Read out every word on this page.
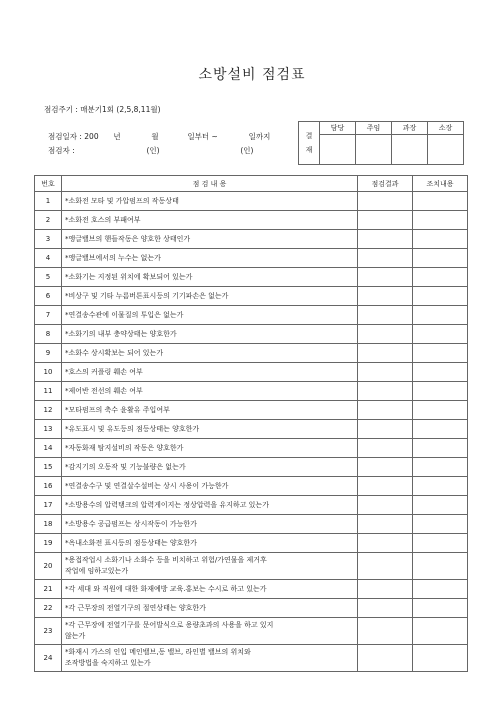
소방설비 점검표
점검주기 : 매분기1회 (2,5,8,11월)
점검일자 : 200 년	월	일부터 ~	일까지
점검자 :	(인)	(인)
결
재	담당	주임	과장	소장

번호	점 검 내 용	점검결과	조치내용
1	*소화전 모타 및 가압펌프의 작동상태		
2	*소화전 호스의 부패여부		
3	*앵글밸브의 핸들작동은 양호한 상태인가		
4	*앵글밸브에서의 누수는 없는가		
5	*소화기는 지정된 위치에 확보되어 있는가		
6	*비상구 및 기타 누름버튼표시등의 기기파손은 없는가		
7	*연결송수관에 이물질의 투입은 없는가		
8	*소화기의 내부 충약상태는 양호한가		
9	*소화수 상시확보는 되어 있는가		
10	*호스의 커플링 훼손 여부		
11	*제어반 전선의 훼손 여부		
12	*모타펌프의 축수 윤활유 주입여부		
13	*유도표시 및 유도등의 점등상태는 양호한가		
14	*자동화재 탐지설비의 작동은 양호한가		
15	*감지기의 오동작 및 기능불량은 없는가		
16	*연결송수구 및 연결살수설비는 상시 사용이 가능한가		
17	*소방용수의 압력탱크의 압력게이지는 정상압력을 유지하고 있는가		
18	*소방용수 공급펌프는 상시작동이 가능한가		
19	*옥내소화전 표시등의 점등상태는 양호한가		
20	*용접작업시 소화기나 소화수 등을 비치하고 위험/가연물을 제거후
작업에 임하고있는가		
21	*각 세대 와 직원에 대한 화재예방 교육.홍보는 수시로 하고 있는가		
22	*각 근무장의 전열기구의 절연상태는 양호한가		
23	*각 근무장에 전열기구를 문어발식으로 용량초과의 사용을 하고 있지
않는가		
24	*화재시 가스의 인입 메인밸브,동 밸브, 라인별 밸브의 위치와
조작방법을 숙지하고 있는가		
